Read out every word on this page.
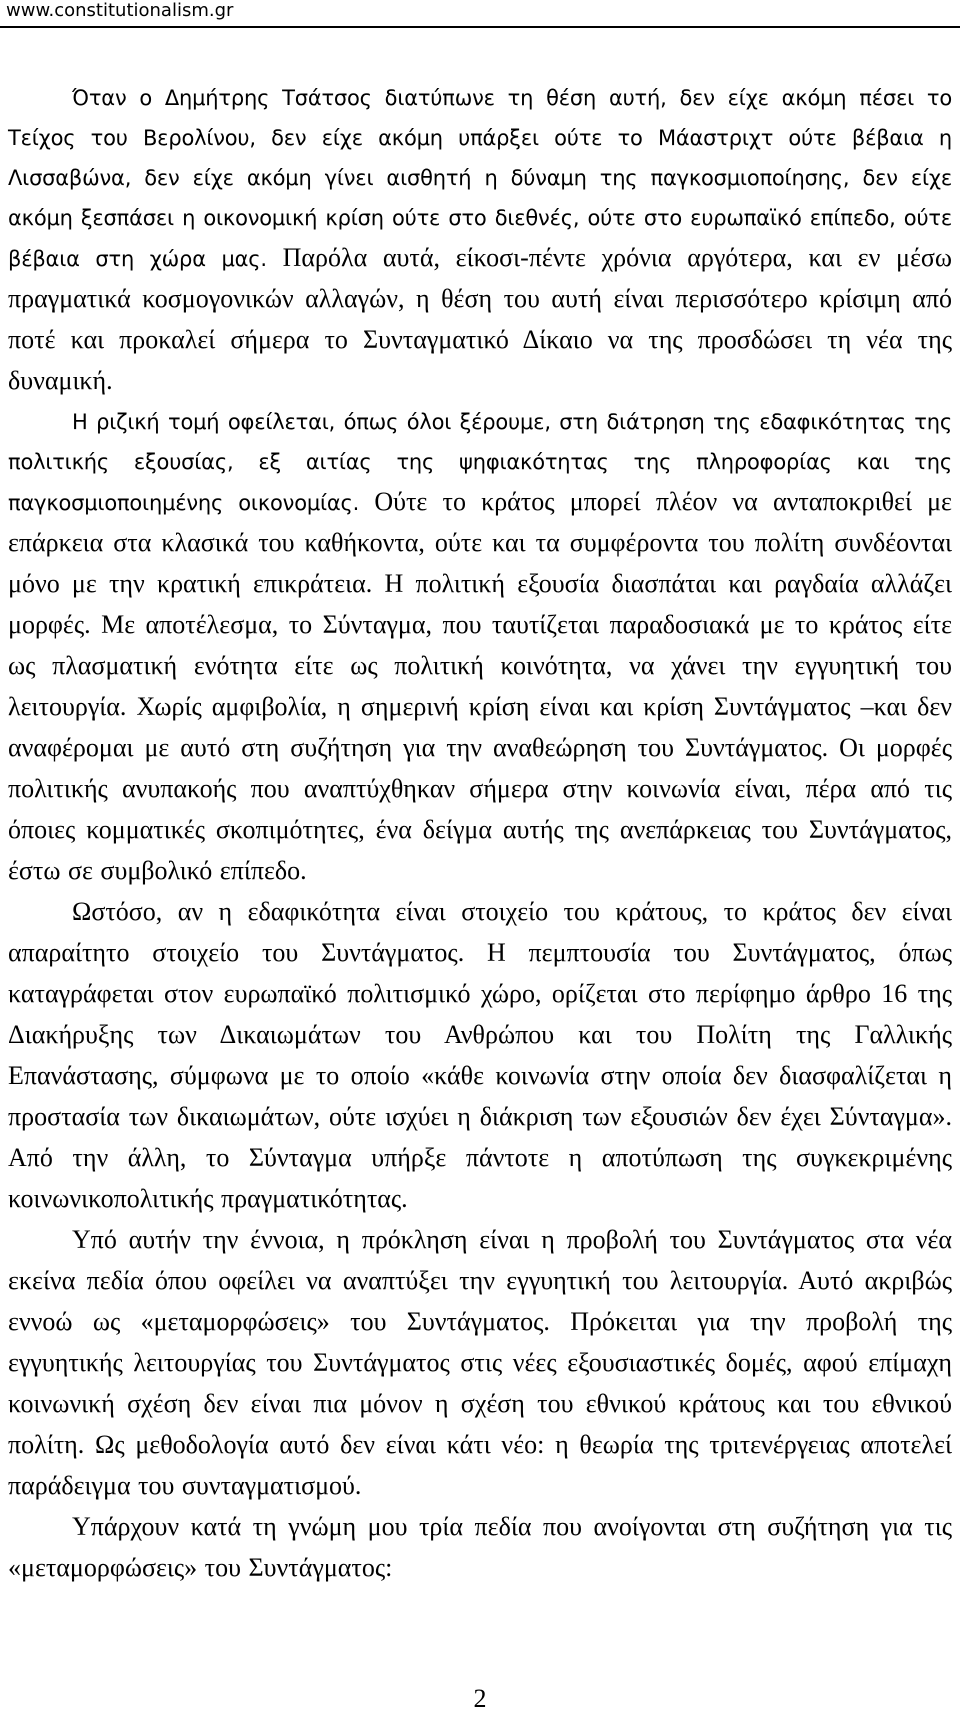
www.constitutionalism.gr

Όταν ο Δημήτρης Τσάτσος διατύπωνε τη θέση αυτή, δεν είχε ακόμη πέσει το Τείχος του Βερολίνου, δεν είχε ακόμη υπάρξει ούτε το Μάαστριχτ ούτε βέβαια η Λισσαβώνα, δεν είχε ακόμη γίνει αισθητή η δύναμη της παγκοσμιοποίησης, δεν είχε ακόμη ξεσπάσει η οικονομική κρίση ούτε στο διεθνές, ούτε στο ευρωπαϊκό επίπεδο, ούτε βέβαια στη χώρα μας. Παρόλα αυτά, είκοσι-πέντε χρόνια αργότερα, και εν μέσω πραγματικά κοσμογονικών αλλαγών, η θέση του αυτή είναι περισσότερο κρίσιμη από ποτέ και προκαλεί σήμερα το Συνταγματικό Δίκαιο να της προσδώσει τη νέα της δυναμική.

Η ριζική τομή οφείλεται, όπως όλοι ξέρουμε, στη διάτρηση της εδαφικότητας της πολιτικής εξουσίας, εξ αιτίας της ψηφιακότητας της πληροφορίας και της παγκοσμιοποιημένης οικονομίας. Ούτε το κράτος μπορεί πλέον να ανταποκριθεί με επάρκεια στα κλασικά του καθήκοντα, ούτε και τα συμφέροντα του πολίτη συνδέονται μόνο με την κρατική επικράτεια. Η πολιτική εξουσία διασπάται και ραγδαία αλλάζει μορφές. Με αποτέλεσμα, το Σύνταγμα, που ταυτίζεται παραδοσιακά με το κράτος είτε ως πλασματική ενότητα είτε ως πολιτική κοινότητα, να χάνει την εγγυητική του λειτουργία. Χωρίς αμφιβολία, η σημερινή κρίση είναι και κρίση Συντάγματος –και δεν αναφέρομαι με αυτό στη συζήτηση για την αναθεώρηση του Συντάγματος. Οι μορφές πολιτικής ανυπακοής που αναπτύχθηκαν σήμερα στην κοινωνία είναι, πέρα από τις όποιες κομματικές σκοπιμότητες, ένα δείγμα αυτής της ανεπάρκειας του Συντάγματος, έστω σε συμβολικό επίπεδο.

Ωστόσο, αν η εδαφικότητα είναι στοιχείο του κράτους, το κράτος δεν είναι απαραίτητο στοιχείο του Συντάγματος. Η πεμπτουσία του Συντάγματος, όπως καταγράφεται στον ευρωπαϊκό πολιτισμικό χώρο, ορίζεται στο περίφημο άρθρο 16 της Διακήρυξης των Δικαιωμάτων του Ανθρώπου και του Πολίτη της Γαλλικής Επανάστασης, σύμφωνα με το οποίο «κάθε κοινωνία στην οποία δεν διασφαλίζεται η προστασία των δικαιωμάτων, ούτε ισχύει η διάκριση των εξουσιών δεν έχει Σύνταγμα». Από την άλλη, το Σύνταγμα υπήρξε πάντοτε η αποτύπωση της συγκεκριμένης κοινωνικοπολιτικής πραγματικότητας.

Υπό αυτήν την έννοια, η πρόκληση είναι η προβολή του Συντάγματος στα νέα εκείνα πεδία όπου οφείλει να αναπτύξει την εγγυητική του λειτουργία. Αυτό ακριβώς εννοώ ως «μεταμορφώσεις» του Συντάγματος. Πρόκειται για την προβολή της εγγυητικής λειτουργίας του Συντάγματος στις νέες εξουσιαστικές δομές, αφού επίμαχη κοινωνική σχέση δεν είναι πια μόνον η σχέση του εθνικού κράτους και του εθνικού πολίτη. Ως μεθοδολογία αυτό δεν είναι κάτι νέο: η θεωρία της τριτενέργειας αποτελεί παράδειγμα του συνταγματισμού.

Υπάρχουν κατά τη γνώμη μου τρία πεδία που ανοίγονται στη συζήτηση για τις «μεταμορφώσεις» του Συντάγματος:

2
